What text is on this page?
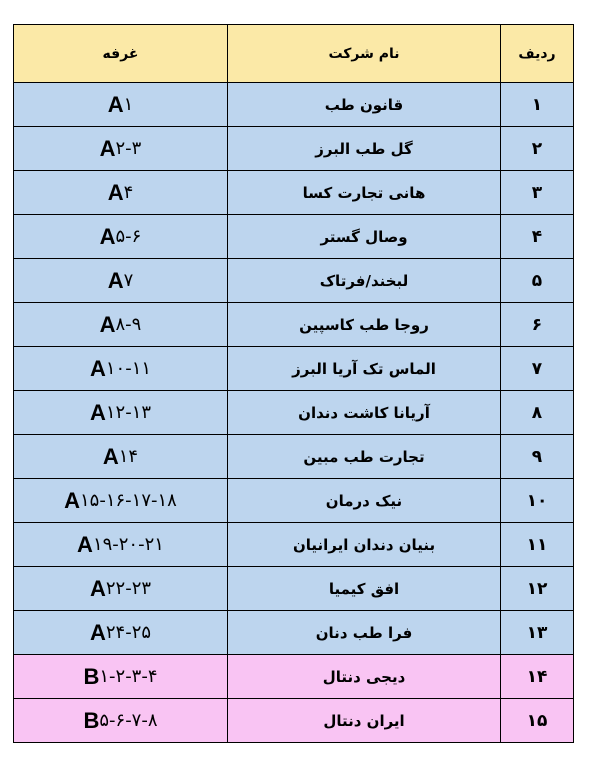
غرفه	نام شرکت	ردیف
A ۱	قانون طب	۱
A ۲-۳	گل طب البرز	۲
A ۴	هانی تجارت کسا	۳
A ۵-۶	وصال گستر	۴
A ۷	لبخند/فرتاک	۵
A ۸-۹	روجا طب کاسپین	۶
A ۱۰-۱۱	الماس تک آریا البرز	۷
A ۱۲-۱۳	آریانا کاشت دندان	۸
A ۱۴	تجارت طب مبین	۹
A ۱۵-۱۶-۱۷-۱۸	نیک درمان	۱۰
A ۱۹-۲۰-۲۱	بنیان دندان ایرانیان	۱۱
A ۲۲-۲۳	افق کیمیا	۱۲
A ۲۴-۲۵	فرا طب دنان	۱۳
B ۱-۲-۳-۴	دیجی دنتال	۱۴
B ۵-۶-۷-۸	ایران دنتال	۱۵
